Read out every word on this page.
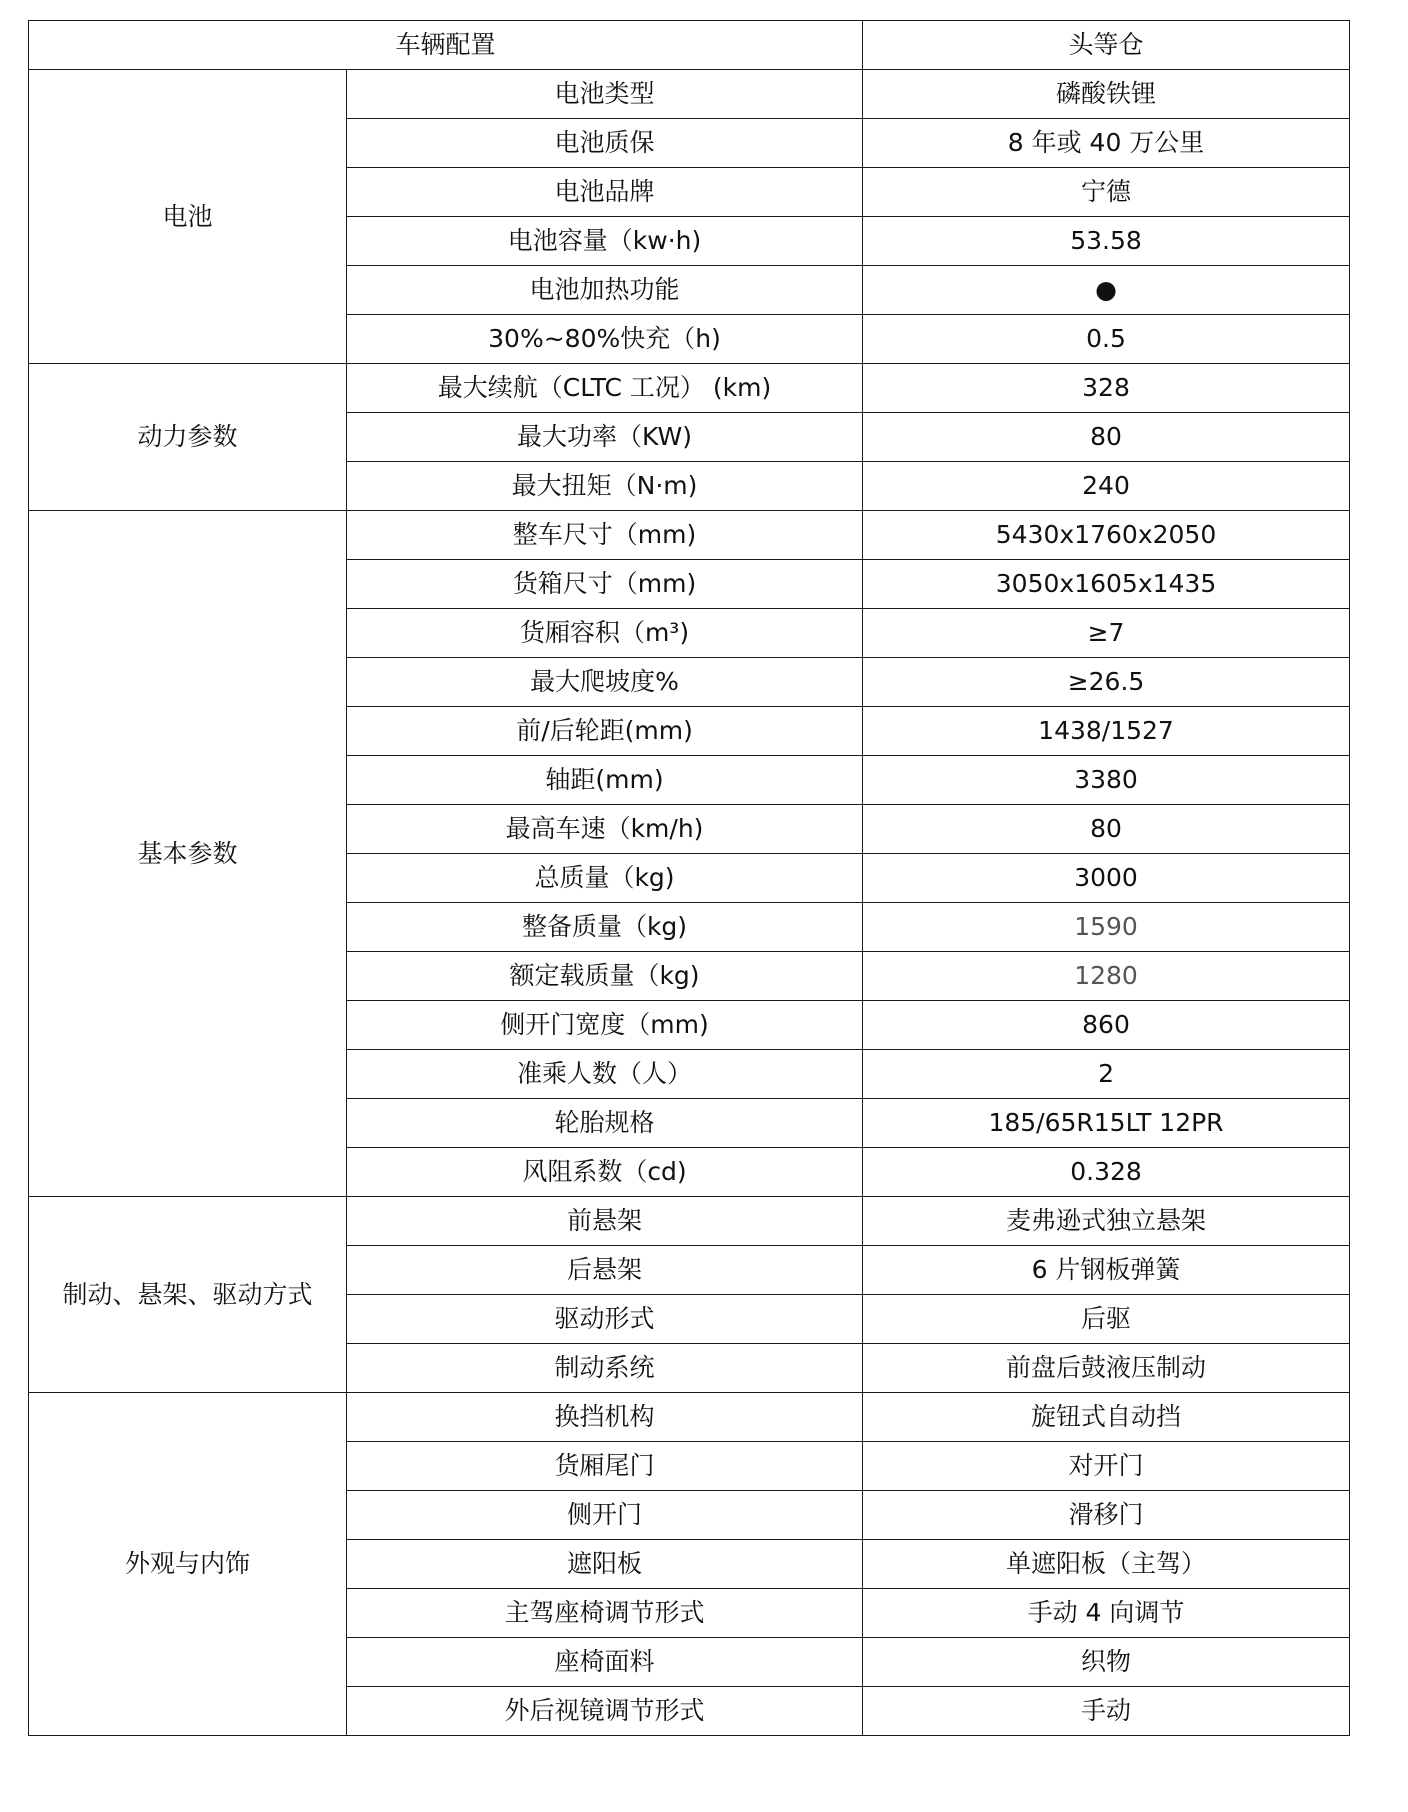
车辆配置		头等仓
电池	电池类型	磷酸铁锂
	电池质保	8 年或 40 万公里
	电池品牌	宁德
	电池容量（kw·h)	53.58
	电池加热功能	●
	30%~80%快充（h)	0.5
动力参数	最大续航（CLTC 工况） (km)	328
	最大功率（KW)	80
	最大扭矩（N·m)	240
基本参数	整车尺寸（mm)	5430x1760x2050
	货箱尺寸（mm)	3050x1605x1435
	货厢容积（m³)	≥7
	最大爬坡度%	≥26.5
	前/后轮距(mm)	1438/1527
	轴距(mm)	3380
	最高车速（km/h)	80
	总质量（kg)	3000
	整备质量（kg)	1590
	额定载质量（kg)	1280
	侧开门宽度（mm)	860
	准乘人数（人）	2
	轮胎规格	185/65R15LT 12PR
	风阻系数（cd)	0.328
制动、悬架、驱动方式	前悬架	麦弗逊式独立悬架
	后悬架	6 片钢板弹簧
	驱动形式	后驱
	制动系统	前盘后鼓液压制动
外观与内饰	换挡机构	旋钮式自动挡
	货厢尾门	对开门
	侧开门	滑移门
	遮阳板	单遮阳板（主驾）
	主驾座椅调节形式	手动 4 向调节
	座椅面料	织物
	外后视镜调节形式	手动
